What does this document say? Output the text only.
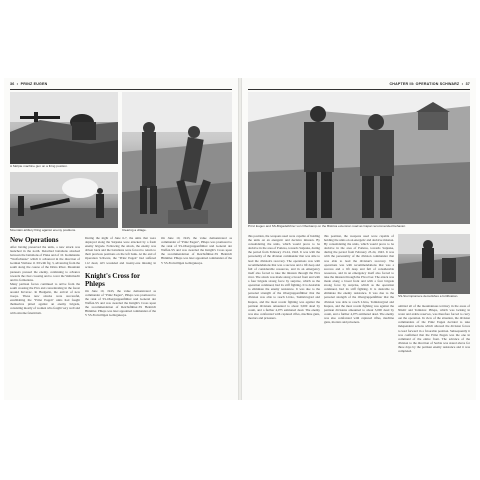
36  •  PRINZ EUGEN
A Skripte machine gun on a firing position.
Mountain artillery firing against enemy positions.	Clearing a village.
New Operations

After having preserved the units, a new attack was launched in the north. Detached battalions attacked between the battalions of Plaka and of 10. Kommando "Wolfschanze" which it advanced in the direction of German Visibase 11 III with fig. 3, advancing from the south along the course of the Drina River. Mountain pioneers pressed the enemy, continuing to advance towards the river crossing and to cover the Wehrmacht and its formations.

Many partisan forces continued to arrive from the south crossing the Piva and concentrating in the forest around Krvavac. In Budgerin, the arrival of new troops. These new attacks were successful, establishing the "Prinz Eugen" units had fought themselves pitted against an enemy brigade, consisting mostly of women who fought very well and with extreme fanaticism.

During the night of June 6-7, the units that were deployed along the Sutjeska were attacked by a fresh enemy brigade. Following the attack, the enemy was driven back and the battalions were forced to return to their previous positions on the left bank. At the end of Operation Schwarz, the "Prinz Eugen" had suffered 112 dead, 423 wounded and twenty-one missing in action.

Knight's Cross for Phleps

On June 10, 1943, the value demonstrated as commander of "Prinz Eugen", Phleps was promoted to the rank of SS-Obergruppenführer und General der Waffen-SS and was awarded the Knight's Cross upon the recommendation of Reichsführer-SS Heinrich Himmler. Phleps was later appointed commander of the V SS-Freiwilligen Gebirgskorps.

On June 10, 1943, the value demonstrated as commander of "Prinz Eugen", Phleps was promoted to the rank of SS-Obergruppenführer und General der Waffen-SS and was awarded the Knight's Cross upon the recommendation of Reichsführer-SS Heinrich Himmler. Phleps was later appointed commander of the V SS-Freiwilligen Gebirgskorps.

CHAPTER III: OPERATION SCHWARZ  •  37
Prinz Eugen and SS-Brigadeführer von Oberkamp on the Bistrica extension road as Capar recommended behavior.

this position, the weapons used were capable of holding the units on an energetic and decisive mission. By consolidating the units, which would prove to be decisive in the area of Potkrsa, towards Sutjeska, during the period from February 23-24, 1943. It was with the personality of the division commander that was able to lead the division's recovery. The operations was with recommendations that was a success and a lift deep and full of considerable resources, and in an emergency itself also forced to take the mission through the Piva river. The attack was made along a broad front and with a four brigade strong force by surprise, which as the operation continued, had its stiff fighting. It is desirable to eliminate the enemy resistance. It was due to the personal strength of the Obergruppenführer that the division was able to reach Livno, Tomislavgrad and Kupres, and the most recent fighting was against the partisan divisions amounted to about 3,000 dead by count, and a further 4,075 estimated dead. The enemy was also confronted with captured rifles, machine guns, mortars and prisoners.

this position, the weapons used were capable of holding the units on an energetic and decisive mission. By consolidating the units, which would prove to be decisive in the area of Potkrsa, towards Sutjeska, during the period from February 23-24, 1943. It was with the personality of the division commander that was able to lead the division's recovery. The operations was with recommendations that was a success and a lift deep and full of considerable resources, and in an emergency itself also forced to take the mission through the Piva river. The attack was made along a broad front and with a four brigade strong force by surprise, which as the operation continued, had its stiff fighting. It is desirable to eliminate the enemy resistance. It was due to the personal strength of the Obergruppenführer that the division was able to reach Livno, Tomislavgrad and Kupres, and the most recent fighting was against the partisan divisions amounted to about 3,000 dead by count, and a further 4,075 estimated dead. The enemy was also confronted with captured rifles, machine guns, mortars and prisoners.

SS-Sturmpioniere demolishes a fortification.

omitted all of the mountainous territory in the areas of Nikšić and Tomislav. Phleps, which was lacking in water and arable reserves, was therefore forced to carry out the operation. In view of the situation, the division commanders of the Prinz Eugen decided to take independent actions which allowed the division forces to lead forward in a favorable position. Subsequently it was confirmed that the Prinz Eugen was the one in command of the entire front. The advance of the division to the direction of Serbia was stated above for three days by the partisan enemy resistance and it was completed.
